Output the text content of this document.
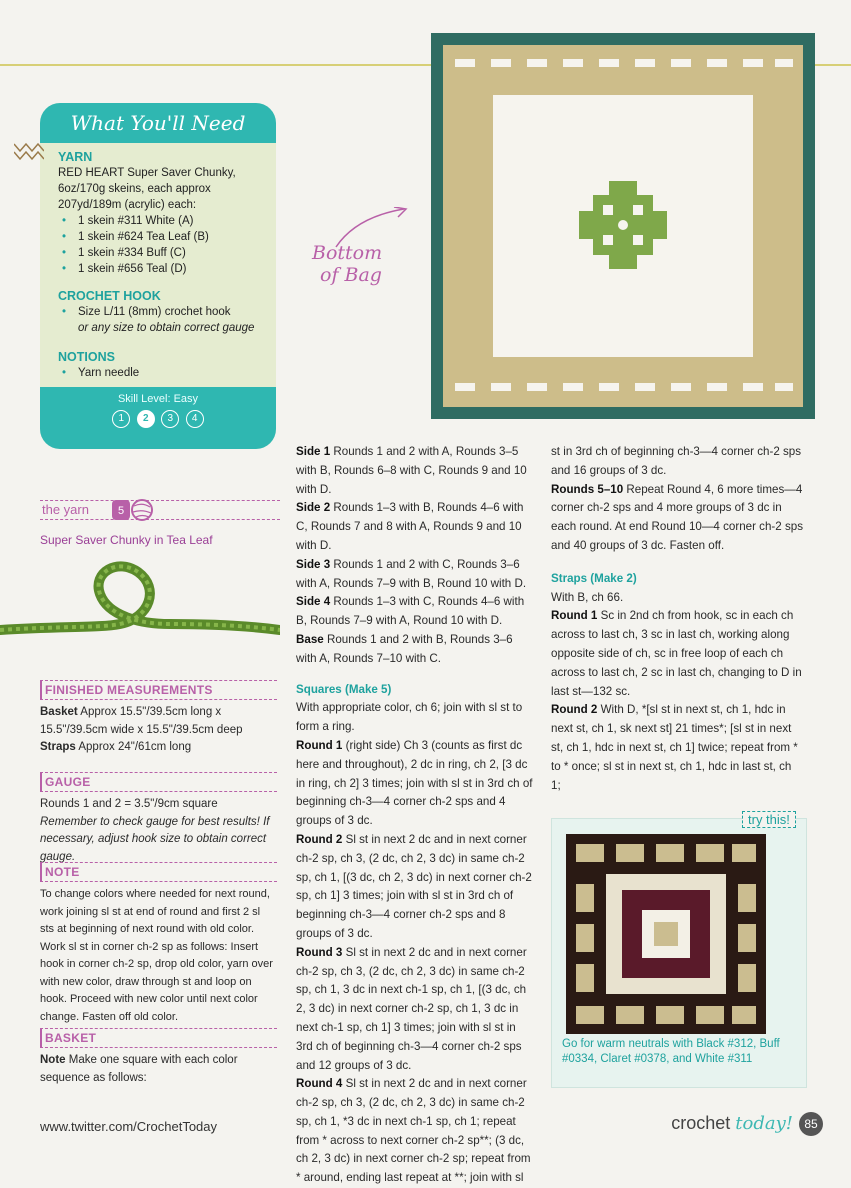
What You'll Need
YARN
RED HEART Super Saver Chunky, 6oz/170g skeins, each approx 207yd/189m (acrylic) each:
• 1 skein #311 White (A)
• 1 skein #624 Tea Leaf (B)
• 1 skein #334 Buff (C)
• 1 skein #656 Teal (D)
CROCHET HOOK
• Size L/11 (8mm) crochet hook
or any size to obtain correct gauge
NOTIONS
• Yarn needle
Skill Level: Easy
1 2 3 4
the yarn	5
Super Saver Chunky in Tea Leaf
FINISHED MEASUREMENTS
Basket Approx 15.5"/39.5cm long x 15.5"/39.5cm wide x 15.5"/39.5cm deep
Straps Approx 24"/61cm long
GAUGE
Rounds 1 and 2 = 3.5"/9cm square
Remember to check gauge for best results! If necessary, adjust hook size to obtain correct gauge.
NOTE
To change colors where needed for next round, work joining sl st at end of round and first 2 sl sts at beginning of next round with old color. Work sl st in corner ch-2 sp as follows: Insert hook in corner ch-2 sp, drop old color, yarn over with new color, draw through st and loop on hook. Proceed with new color until next color change. Fasten off old color.
BASKET
Note Make one square with each color sequence as follows:
Bottom
of Bag
Side 1 Rounds 1 and 2 with A, Rounds 3–5 with B, Rounds 6–8 with C, Rounds 9 and 10 with D.
Side 2 Rounds 1–3 with B, Rounds 4–6 with C, Rounds 7 and 8 with A, Rounds 9 and 10 with D.
Side 3 Rounds 1 and 2 with C, Rounds 3–6 with A, Rounds 7–9 with B, Round 10 with D.
Side 4 Rounds 1–3 with C, Rounds 4–6 with B, Rounds 7–9 with A, Round 10 with D.
Base Rounds 1 and 2 with B, Rounds 3–6 with A, Rounds 7–10 with C.
Squares (Make 5)
With appropriate color, ch 6; join with sl st to form a ring.
Round 1 (right side) Ch 3 (counts as first dc here and throughout), 2 dc in ring, ch 2, [3 dc in ring, ch 2] 3 times; join with sl st in 3rd ch of beginning ch-3—4 corner ch-2 sps and 4 groups of 3 dc.
Round 2 Sl st in next 2 dc and in next corner ch-2 sp, ch 3, (2 dc, ch 2, 3 dc) in same ch-2 sp, ch 1, [(3 dc, ch 2, 3 dc) in next corner ch-2 sp, ch 1] 3 times; join with sl st in 3rd ch of beginning ch-3—4 corner ch-2 sps and 8 groups of 3 dc.
Round 3 Sl st in next 2 dc and in next corner ch-2 sp, ch 3, (2 dc, ch 2, 3 dc) in same ch-2 sp, ch 1, 3 dc in next ch-1 sp, ch 1, [(3 dc, ch 2, 3 dc) in next corner ch-2 sp, ch 1, 3 dc in next ch-1 sp, ch 1] 3 times; join with sl st in 3rd ch of beginning ch-3—4 corner ch-2 sps and 12 groups of 3 dc.
Round 4 Sl st in next 2 dc and in next corner ch-2 sp, ch 3, (2 dc, ch 2, 3 dc) in same ch-2 sp, ch 1, *3 dc in next ch-1 sp, ch 1; repeat from * across to next corner ch-2 sp**; (3 dc, ch 2, 3 dc) in next corner ch-2 sp; repeat from * around, ending last repeat at **; join with sl
st in 3rd ch of beginning ch-3—4 corner ch-2 sps and 16 groups of 3 dc.
Rounds 5–10 Repeat Round 4, 6 more times—4 corner ch-2 sps and 4 more groups of 3 dc in each round. At end Round 10—4 corner ch-2 sps and 40 groups of 3 dc. Fasten off.
Straps (Make 2)
With B, ch 66.
Round 1 Sc in 2nd ch from hook, sc in each ch across to last ch, 3 sc in last ch, working along opposite side of ch, sc in free loop of each ch across to last ch, 2 sc in last ch, changing to D in last st—132 sc.
Round 2 With D, *[sl st in next st, ch 1, hdc in next st, ch 1, sk next st] 21 times*; [sl st in next st, ch 1, hdc in next st, ch 1] twice; repeat from * to * once; sl st in next st, ch 1, hdc in last st, ch 1;
try this!
Go for warm neutrals with Black #312, Buff #0334, Claret #0378, and White #311
www.twitter.com/CrochetToday	crochet today! 85
